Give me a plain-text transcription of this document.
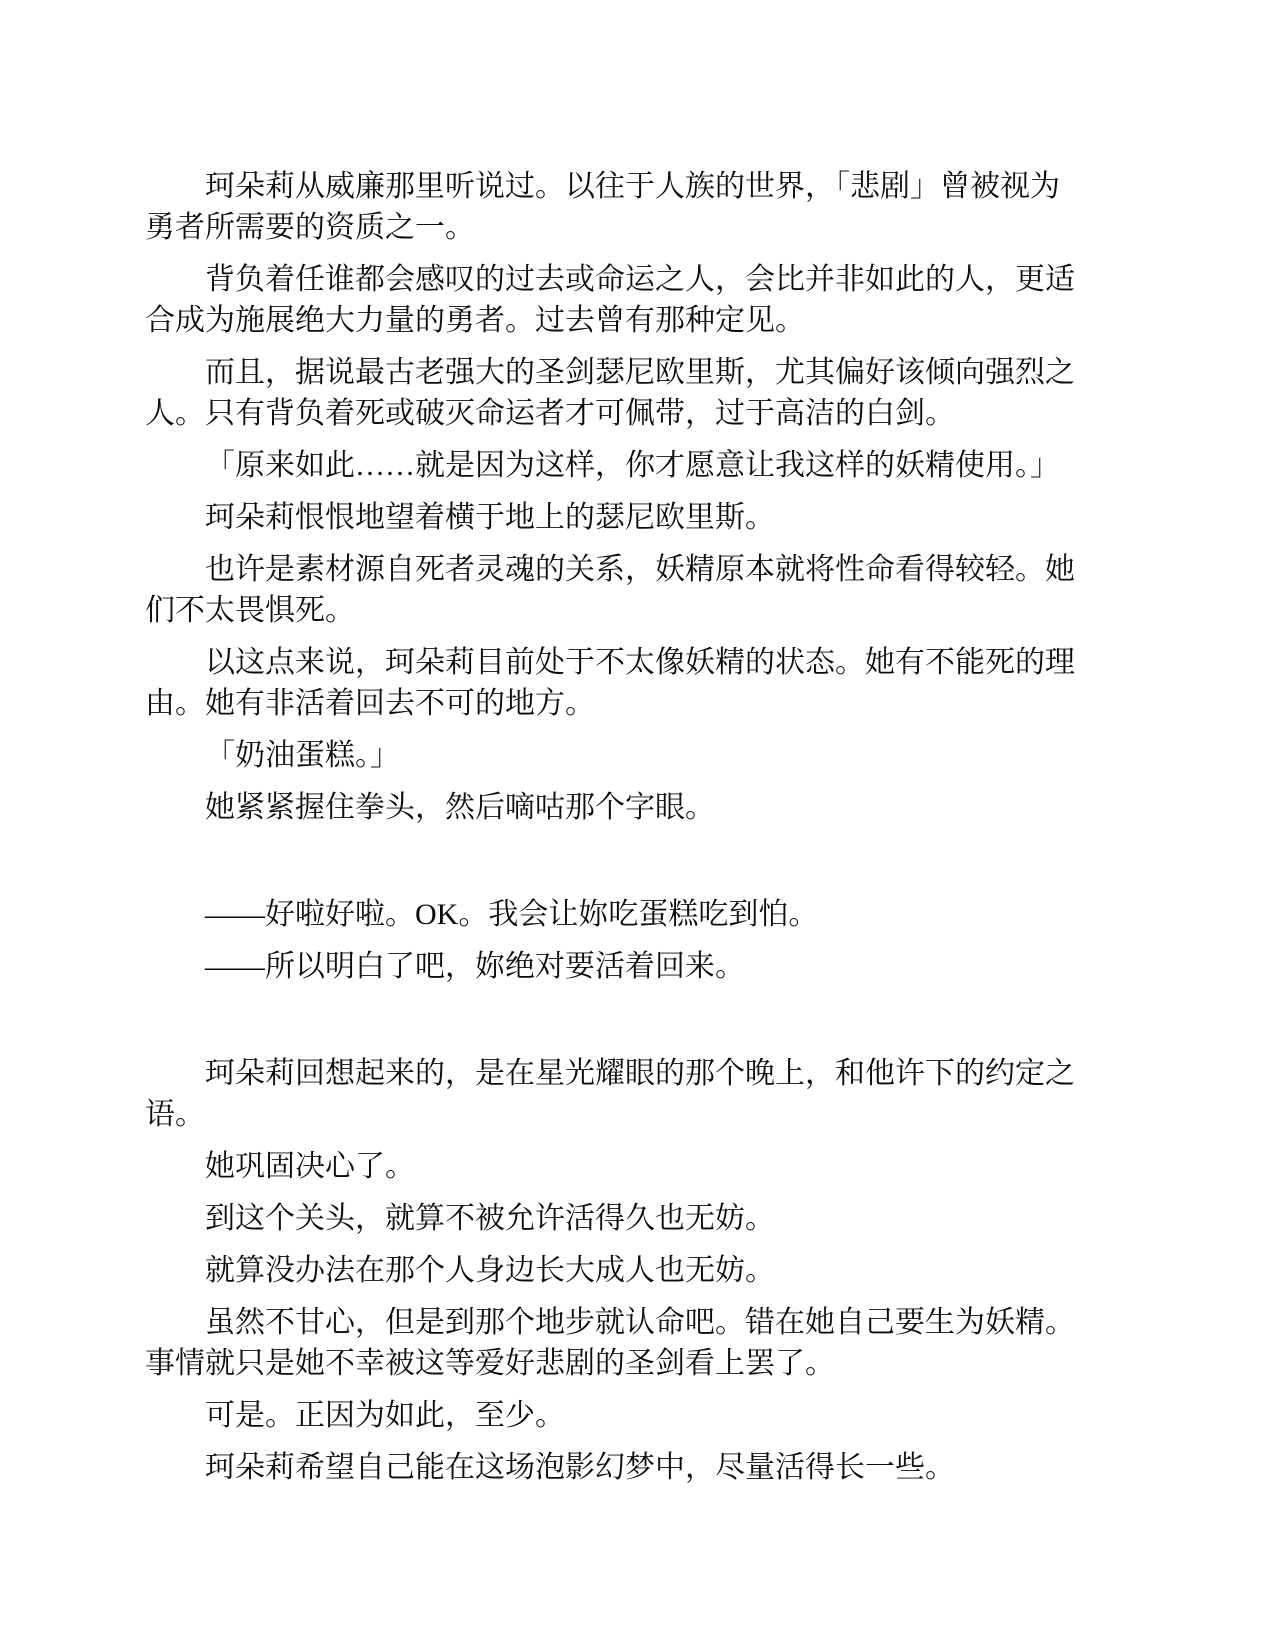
珂朵莉从威廉那里听说过。以往于人族的世界，「悲剧」曾被视为
勇者所需要的资质之一。
背负着任谁都会感叹的过去或命运之人，会比并非如此的人，更适
合成为施展绝大力量的勇者。过去曾有那种定见。
而且，据说最古老强大的圣剑瑟尼欧里斯，尤其偏好该倾向强烈之
人。只有背负着死或破灭命运者才可佩带，过于高洁的白剑。
「原来如此……就是因为这样，你才愿意让我这样的妖精使用。」
珂朵莉恨恨地望着横于地上的瑟尼欧里斯。
也许是素材源自死者灵魂的关系，妖精原本就将性命看得较轻。她
们不太畏惧死。
以这点来说，珂朵莉目前处于不太像妖精的状态。她有不能死的理
由。她有非活着回去不可的地方。
「奶油蛋糕。」
她紧紧握住拳头，然后嘀咕那个字眼。
——好啦好啦。OK。我会让妳吃蛋糕吃到怕。
——所以明白了吧，妳绝对要活着回来。
珂朵莉回想起来的，是在星光耀眼的那个晚上，和他许下的约定之
语。
她巩固决心了。
到这个关头，就算不被允许活得久也无妨。
就算没办法在那个人身边长大成人也无妨。
虽然不甘心，但是到那个地步就认命吧。错在她自己要生为妖精。
事情就只是她不幸被这等爱好悲剧的圣剑看上罢了。
可是。正因为如此，至少。
珂朵莉希望自己能在这场泡影幻梦中，尽量活得长一些。
